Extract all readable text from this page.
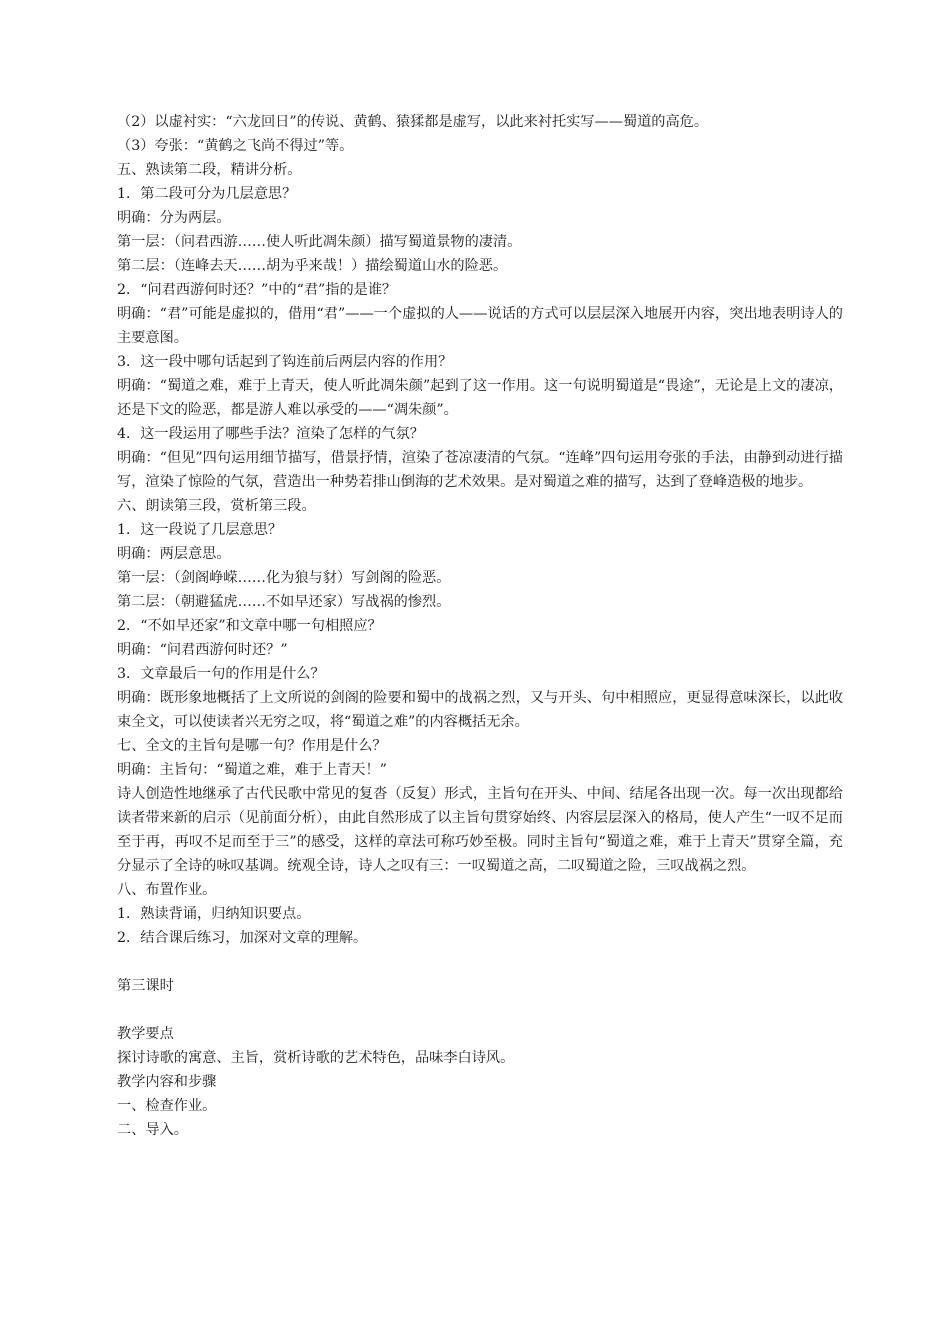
（2）以虚衬实：“六龙回日”的传说、黄鹤、猿猱都是虚写，以此来衬托实写——蜀道的高危。

（3）夸张：“黄鹤之飞尚不得过”等。

五、熟读第二段，精讲分析。

1．第二段可分为几层意思？

明确：分为两层。

第一层：（问君西游……使人听此凋朱颜）描写蜀道景物的凄清。

第二层：（连峰去天……胡为乎来哉！）描绘蜀道山水的险恶。

2．“问君西游何时还？”中的“君”指的是谁？

明确：“君”可能是虚拟的，借用“君”——一个虚拟的人——说话的方式可以层层深入地展开内容，突出地表明诗人的主要意图。

3．这一段中哪句话起到了钩连前后两层内容的作用？

明确：“蜀道之难，难于上青天，使人听此凋朱颜”起到了这一作用。这一句说明蜀道是“畏途”，无论是上文的凄凉，还是下文的险恶，都是游人难以承受的——“凋朱颜”。

4．这一段运用了哪些手法？渲染了怎样的气氛？

明确：“但见”四句运用细节描写，借景抒情，渲染了苍凉凄清的气氛。“连峰”四句运用夸张的手法，由静到动进行描写，渲染了惊险的气氛，营造出一种势若排山倒海的艺术效果。是对蜀道之难的描写，达到了登峰造极的地步。

六、朗读第三段，赏析第三段。

1．这一段说了几层意思？

明确：两层意思。

第一层：（剑阁峥嵘……化为狼与豺）写剑阁的险恶。

第二层：（朝避猛虎……不如早还家）写战祸的惨烈。

2．“不如早还家”和文章中哪一句相照应？

明确：“问君西游何时还？”

3．文章最后一句的作用是什么？

明确：既形象地概括了上文所说的剑阁的险要和蜀中的战祸之烈，又与开头、句中相照应，更显得意味深长，以此收束全文，可以使读者兴无穷之叹，将“蜀道之难”的内容概括无余。

七、全文的主旨句是哪一句？作用是什么？

明确：主旨句：“蜀道之难，难于上青天！”

诗人创造性地继承了古代民歌中常见的复沓（反复）形式，主旨句在开头、中间、结尾各出现一次。每一次出现都给读者带来新的启示（见前面分析），由此自然形成了以主旨句贯穿始终、内容层层深入的格局，使人产生“一叹不足而至于再，再叹不足而至于三”的感受，这样的章法可称巧妙至极。同时主旨句“蜀道之难，难于上青天”贯穿全篇，充分显示了全诗的咏叹基调。统观全诗，诗人之叹有三：一叹蜀道之高，二叹蜀道之险，三叹战祸之烈。

八、布置作业。

1．熟读背诵，归纳知识要点。

2．结合课后练习，加深对文章的理解。

第三课时

教学要点

探讨诗歌的寓意、主旨，赏析诗歌的艺术特色，品味李白诗风。

教学内容和步骤

一、检查作业。

二、导入。
